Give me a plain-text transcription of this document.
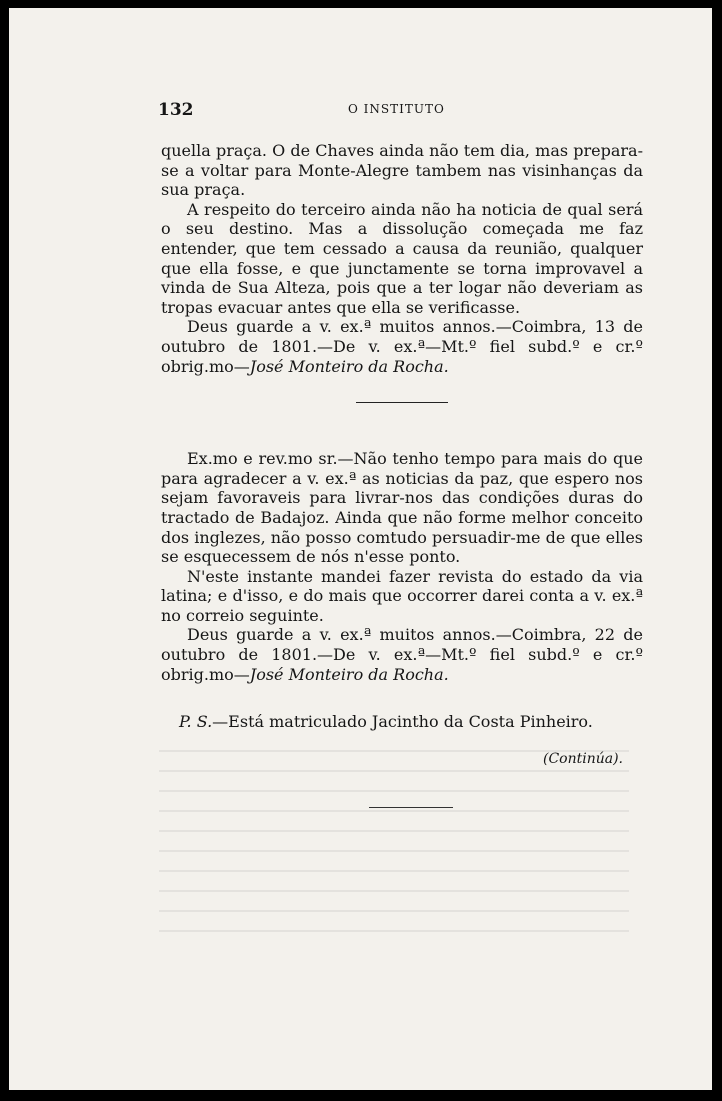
132	O INSTITUTO

quella praça. O de Chaves ainda não tem dia, mas prepara-se a voltar para Monte-Alegre tambem nas visinhanças da sua praça.

A respeito do terceiro ainda não ha noticia de qual será o seu destino. Mas a dissolução começada me faz entender, que tem cessado a causa da reunião, qualquer que ella fosse, e que junctamente se torna improvavel a vinda de Sua Alteza, pois que a ter logar não deveriam as tropas evacuar antes que ella se verificasse.

Deus guarde a v. ex.ª muitos annos.—Coimbra, 13 de outubro de 1801.—De v. ex.ª—Mt.º fiel subd.º e cr.º obrig.mo—José Monteiro da Rocha.

Ex.mo e rev.mo sr.—Não tenho tempo para mais do que para agradecer a v. ex.ª as noticias da paz, que espero nos sejam favoraveis para livrar-nos das condições duras do tractado de Badajoz. Ainda que não forme melhor conceito dos inglezes, não posso comtudo persuadir-me de que elles se esquecessem de nós n'esse ponto.

N'este instante mandei fazer revista do estado da via latina; e d'isso, e do mais que occorrer darei conta a v. ex.ª no correio seguinte.

Deus guarde a v. ex.ª muitos annos.—Coimbra, 22 de outubro de 1801.—De v. ex.ª—Mt.º fiel subd.º e cr.º obrig.mo—José Monteiro da Rocha.

P. S.—Está matriculado Jacintho da Costa Pinheiro.

(Continúa).
